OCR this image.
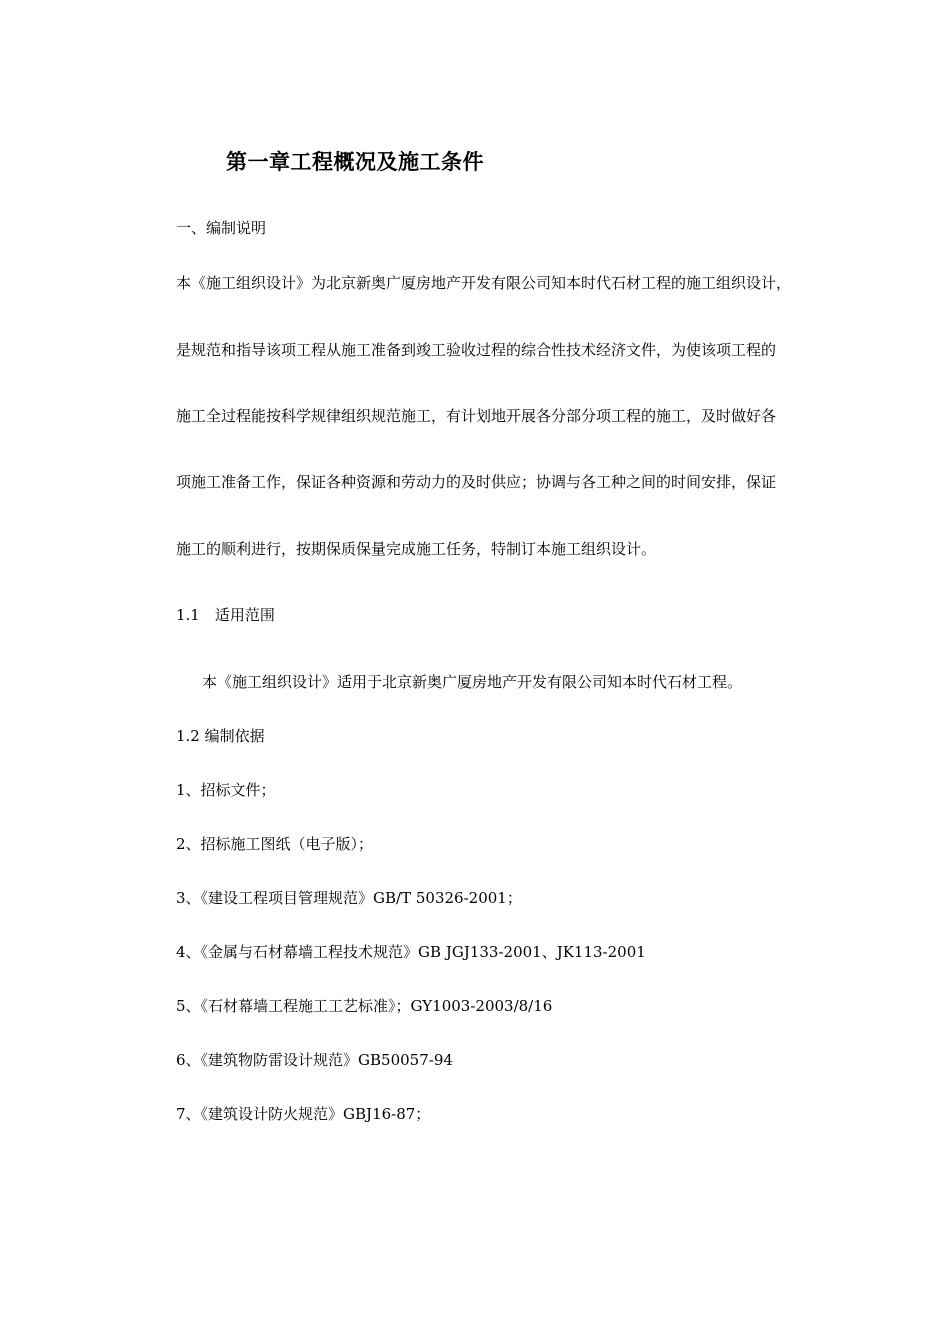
第一章工程概况及施工条件
一、编制说明
本《施工组织设计》为北京新奥广厦房地产开发有限公司知本时代石材工程的施工组织设计，
是规范和指导该项工程从施工准备到竣工验收过程的综合性技术经济文件，为使该项工程的
施工全过程能按科学规律组织规范施工，有计划地开展各分部分项工程的施工，及时做好各
项施工准备工作，保证各种资源和劳动力的及时供应；协调与各工种之间的时间安排，保证
施工的顺利进行，按期保质保量完成施工任务，特制订本施工组织设计。
1.1　适用范围
本《施工组织设计》适用于北京新奥广厦房地产开发有限公司知本时代石材工程。
1.2 编制依据
1、招标文件；
2、招标施工图纸（电子版）；
3、《建设工程项目管理规范》GB/T 50326-2001；
4、《金属与石材幕墙工程技术规范》GB JGJ133-2001、JK113-2001
5、《石材幕墙工程施工工艺标准》；GY1003-2003/8/16
6、《建筑物防雷设计规范》GB50057-94
7、《建筑设计防火规范》GBJ16-87；
